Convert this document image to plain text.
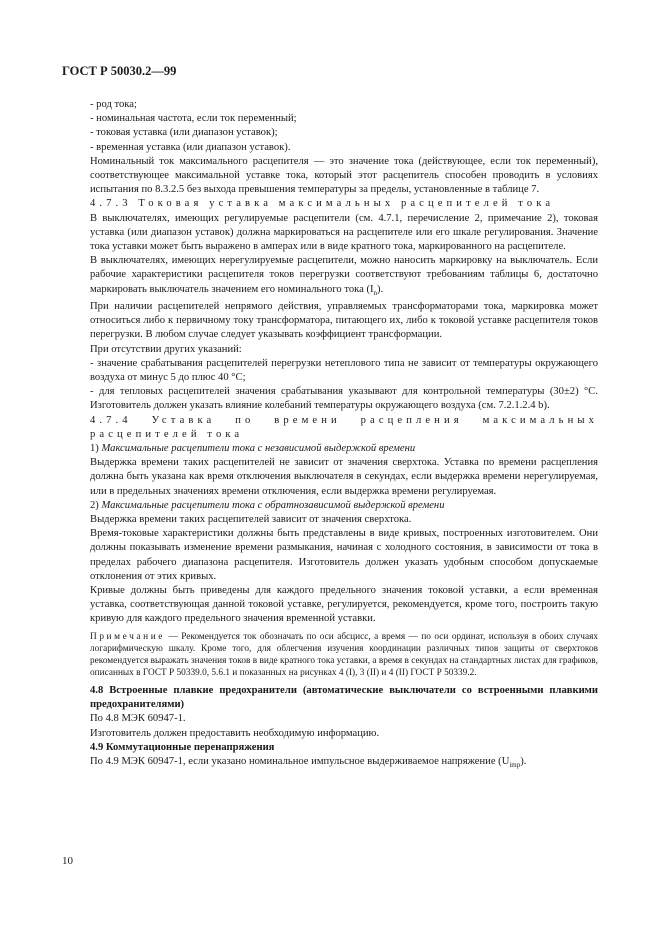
ГОСТ Р 50030.2—99

- род тока;

- номинальная частота, если ток переменный;

- токовая уставка (или диапазон уставок);

- временная уставка (или диапазон уставок).

Номинальный ток максимального расцепителя — это значение тока (действующее, если ток переменный), соответствующее максимальной уставке тока, который этот расцепитель способен проводить в условиях испытания по 8.3.2.5 без выхода превышения температуры за пределы, установленные в таблице 7.

4.7.3 Токовая уставка максимальных расцепителей тока

В выключателях, имеющих регулируемые расцепители (см. 4.7.1, перечисление 2, примечание 2), токовая уставка (или диапазон уставок) должна маркироваться на расцепителе или его шкале регулирования. Значение тока уставки может быть выражено в амперах или в виде кратного тока, маркированного на расцепителе.

В выключателях, имеющих нерегулируемые расцепители, можно наносить маркировку на выключатель. Если рабочие характеристики расцепителя токов перегрузки соответствуют требованиям таблицы 6, достаточно маркировать выключатель значением его номинального тока $(I_n)$.

При наличии расцепителей непрямого действия, управляемых трансформаторами тока, маркировка может относиться либо к первичному току трансформатора, питающего их, либо к токовой уставке расцепителя токов перегрузки. В любом случае следует указывать коэффициент трансформации.

При отсутствии других указаний:

- значение срабатывания расцепителей перегрузки нетеплового типа не зависит от температуры окружающего воздуха от минус 5 до плюс 40 °С;

- для тепловых расцепителей значения срабатывания указывают для контрольной температуры (30±2) °С. Изготовитель должен указать влияние колебаний температуры окружающего воздуха (см. 7.2.1.2.4 b).

4.7.4 Уставка по времени расцепления максимальных расцепителей тока

1) Максимальные расцепители тока с независимой выдержкой времени

Выдержка времени таких расцепителей не зависит от значения сверхтока. Уставка по времени расцепления должна быть указана как время отключения выключателя в секундах, если выдержка времени нерегулируемая, или в предельных значениях времени отключения, если выдержка времени регулируемая.

2) Максимальные расцепители тока с обратнозависимой выдержкой времени

Выдержка времени таких расцепителей зависит от значения сверхтока.

Время-токовые характеристики должны быть представлены в виде кривых, построенных изготовителем. Они должны показывать изменение времени размыкания, начиная с холодного состояния, в зависимости от тока в пределах рабочего диапазона расцепителя. Изготовитель должен указать удобным способом допускаемые отклонения от этих кривых.

Кривые должны быть приведены для каждого предельного значения токовой уставки, а если временная уставка, соответствующая данной токовой уставке, регулируется, рекомендуется, кроме того, построить такую кривую для каждого предельного значения временной уставки.

Примечание — Рекомендуется ток обозначать по оси абсцисс, а время — по оси ординат, используя в обоих случаях логарифмическую шкалу. Кроме того, для облегчения изучения координации различных типов защиты от сверхтоков рекомендуется выражать значения токов в виде кратного тока уставки, а время в секундах на стандартных листах для графиков, описанных в ГОСТ Р 50339.0, 5.6.1 и показанных на рисунках 4 (I), 3 (II) и 4 (II) ГОСТ Р 50339.2.

4.8 Встроенные плавкие предохранители (автоматические выключатели со встроенными плавкими предохранителями)

По 4.8 МЭК 60947-1.

Изготовитель должен предоставить необходимую информацию.

4.9 Коммутационные перенапряжения

По 4.9 МЭК 60947-1, если указано номинальное импульсное выдерживаемое напряжение $(U_{imp})$.

10
